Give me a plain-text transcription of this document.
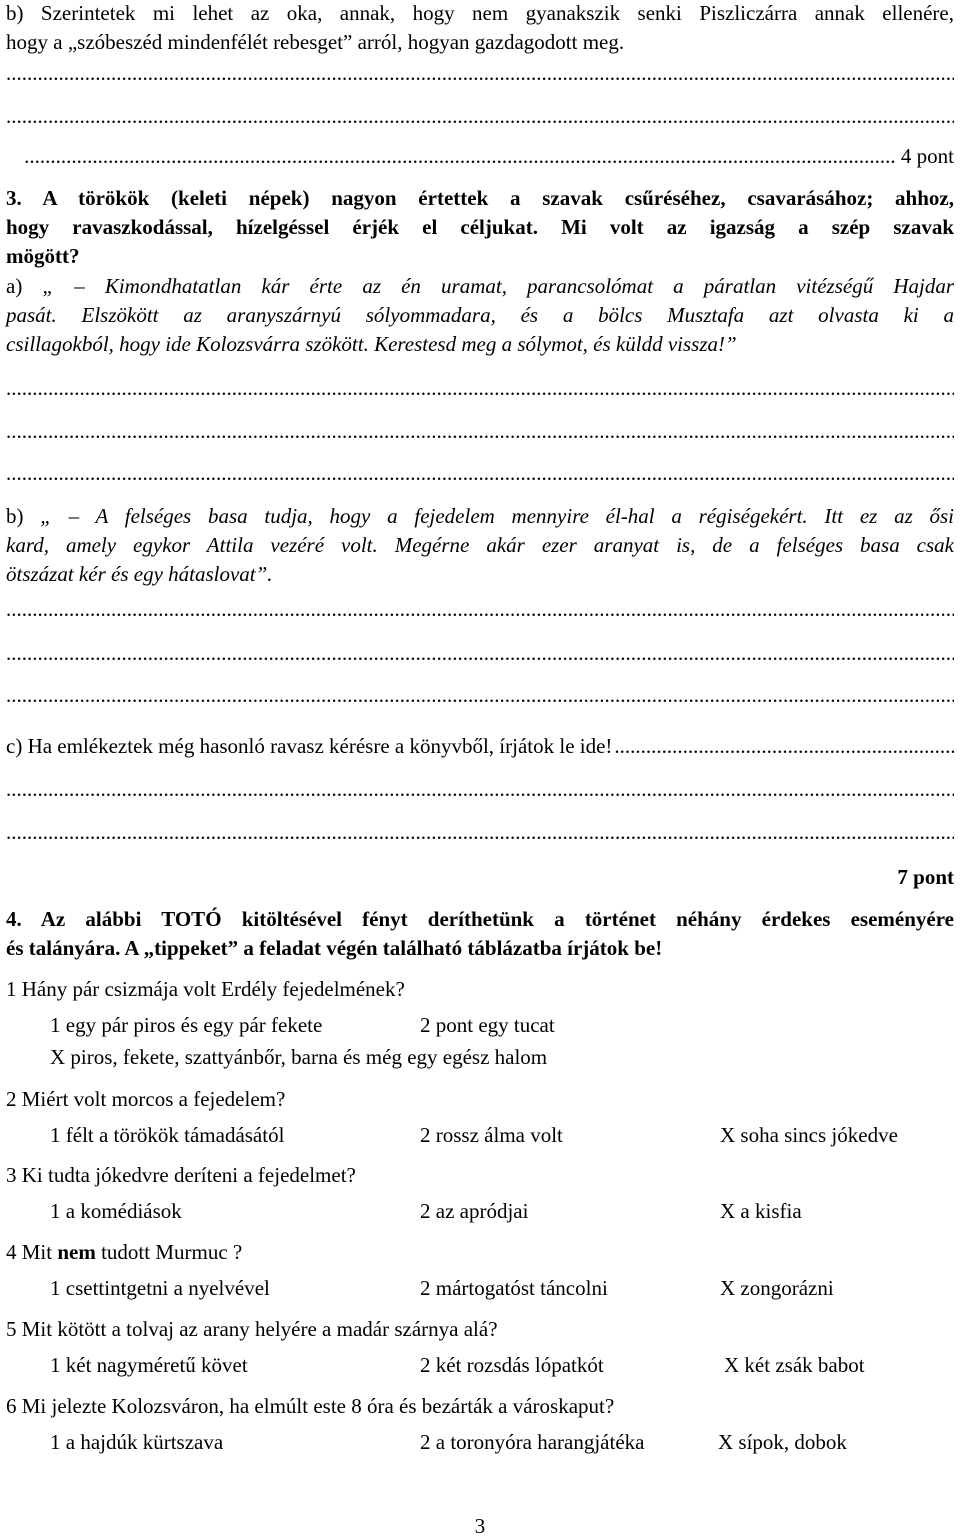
b) Szerintetek mi lehet az oka, annak, hogy nem gyanakszik senki Piszliczárra annak ellenére,
hogy a „szóbeszéd mindenfélét rebesget” arról, hogyan gazdagodott meg.
.....
.....
...................................................................................................................................................................... 4 pont
3. A törökök (keleti népek) nagyon értettek a szavak csűréséhez, csavarásához; ahhoz,
hogy ravaszkodással, hízelgéssel érjék el céljukat. Mi volt az igazság a szép szavak
mögött?
a) „ – Kimondhatatlan kár érte az én uramat, parancsolómat a páratlan vitézségű Hajdar
pasát. Elszökött az aranyszárnyú sólyommadara, és a bölcs Musztafa azt olvasta ki a
csillagokból, hogy ide Kolozsvárra szökött. Kerestesd meg a sólymot, és küldd vissza!”
.....
.....
.....
b) „ – A felséges basa tudja, hogy a fejedelem mennyire él-hal a régiségekért. Itt ez az ősi
kard, amely egykor Attila vezéré volt. Megérne akár ezer aranyat is, de a felséges basa csak
ötszázat kér és egy hátaslovat”.
.....
.....
.....
c) Ha emlékeztek még hasonló ravasz kérésre a könyvből, írjátok le ide!
.....
.....
.....
7 pont
4. Az alábbi TOTÓ kitöltésével fényt deríthetünk a történet néhány érdekes eseményére
és talányára. A „tippeket” a feladat végén található táblázatba írjátok be!
1 Hány pár csizmája volt Erdély fejedelmének?
1 egy pár piros és egy pár fekete	2 pont egy tucat
X piros, fekete, szattyánbőr, barna és még egy egész halom
2 Miért volt morcos a fejedelem?
1 félt a törökök támadásától	2 rossz álma volt	X soha sincs jókedve
3 Ki tudta jókedvre deríteni a fejedelmet?
1 a komédiások	2 az apródjai	X a kisfia
4 Mit nem tudott Murmuc ?
1 csettintgetni a nyelvével	2 mártogatóst táncolni	X zongorázni
5 Mit kötött a tolvaj az arany helyére a madár szárnya alá?
1 két nagyméretű követ	2 két rozsdás lópatkót	X két zsák babot
6 Mi jelezte Kolozsváron, ha elmúlt este 8 óra és bezárták a városkaput?
1 a hajdúk kürtszava	2 a toronyóra harangjátéka	X sípok, dobok
3
